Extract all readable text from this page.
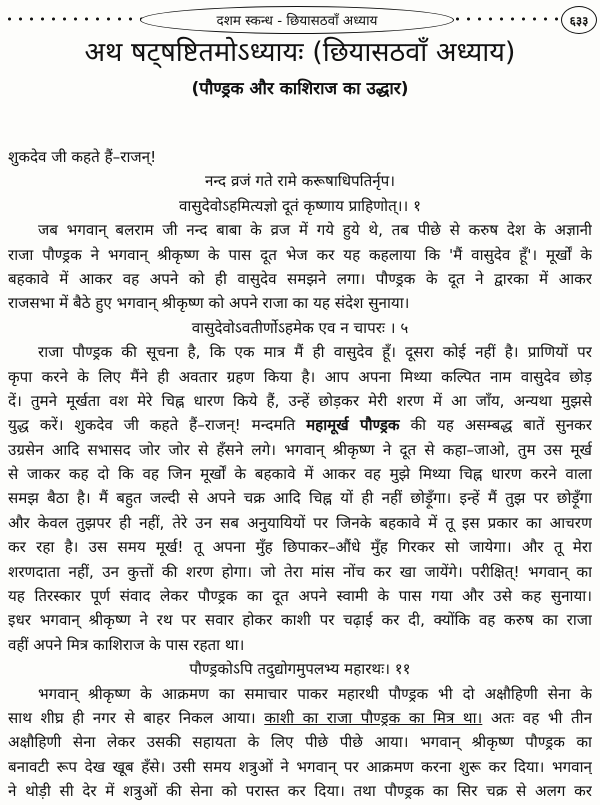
दशम स्कन्ध - छियासठवाँ अध्याय	६३३
अथ षट्षष्टितमोऽध्यायः (छियासठवाँ अध्याय)
(पौण्ड्रक और काशिराज का उद्धार)
शुकदेव जी कहते हैं–राजन्!
नन्द व्रजं गते रामे करूषाधिपतिर्नृप।
वासुदेवोऽहमित्यज्ञो दूतं कृष्णाय प्राहिणोत्।। १
जब भगवान् बलराम जी नन्द बाबा के व्रज में गये हुये थे, तब पीछे से करुष देश के अज्ञानी
राजा पौण्ड्रक ने भगवान् श्रीकृष्ण के पास दूत भेज कर यह कहलाया कि 'मैं वासुदेव हूँ'। मूर्खों के
बहकावे में आकर वह अपने को ही वासुदेव समझने लगा। पौण्ड्रक के दूत ने द्वारका में आकर
राजसभा में बैठे हुए भगवान् श्रीकृष्ण को अपने राजा का यह संदेश सुनाया।
वासुदेवोऽवतीर्णोऽहमेक एव न चापरः । ५
राजा पौण्ड्रक की सूचना है, कि एक मात्र मैं ही वासुदेव हूँ। दूसरा कोई नहीं है। प्राणियों पर
कृपा करने के लिए मैंने ही अवतार ग्रहण किया है। आप अपना मिथ्या कल्पित नाम वासुदेव छोड़
दें। तुमने मूर्खता वश मेरे चिह्न धारण किये हैं, उन्हें छोड़कर मेरी शरण में आ जाँय, अन्यथा मुझसे
युद्ध करें। शुकदेव जी कहते हैं–राजन्! मन्दमति महामूर्ख पौण्ड्रक की यह असम्बद्ध बातें सुनकर
उग्रसेन आदि सभासद जोर जोर से हँसने लगे। भगवान् श्रीकृष्ण ने दूत से कहा–जाओ, तुम उस मूर्ख
से जाकर कह दो कि वह जिन मूर्खों के बहकावे में आकर वह मुझे मिथ्या चिह्न धारण करने वाला
समझ बैठा है। मैं बहुत जल्दी से अपने चक्र आदि चिह्न यों ही नहीं छोड़ूँगा। इन्हें मैं तुझ पर छोड़ूँगा
और केवल तुझपर ही नहीं, तेरे उन सब अनुयायियों पर जिनके बहकावे में तू इस प्रकार का आचरण
कर रहा है। उस समय मूर्ख! तू अपना मुँह छिपाकर–औंधे मुँह गिरकर सो जायेगा। और तू मेरा
शरणदाता नहीं, उन कुत्तों की शरण होगा। जो तेरा मांस नोंच कर खा जायेंगे। परीक्षित्! भगवान् का
यह तिरस्कार पूर्ण संवाद लेकर पौण्ड्रक का दूत अपने स्वामी के पास गया और उसे कह सुनाया।
इधर भगवान् श्रीकृष्ण ने रथ पर सवार होकर काशी पर चढ़ाई कर दी, क्योंकि वह करुष का राजा
वहीं अपने मित्र काशिराज के पास रहता था।
पौण्ड्रकोऽपि तदुद्योगमुपलभ्य महारथः। ११
भगवान् श्रीकृष्ण के आक्रमण का समाचार पाकर महारथी पौण्ड्रक भी दो अक्षौहिणी सेना के
साथ शीघ्र ही नगर से बाहर निकल आया। काशी का राजा पौण्ड्रक का मित्र था। अतः वह भी तीन
अक्षौहिणी सेना लेकर उसकी सहायता के लिए पीछे पीछे आया। भगवान् श्रीकृष्ण पौण्ड्रक का
बनावटी रूप देख खूब हँसे। उसी समय शत्रुओं ने भगवान् पर आक्रमण करना शुरू कर दिया। भगवान्
ने थोड़ी सी देर में शत्रुओं की सेना को परास्त कर दिया। तथा पौण्ड्रक का सिर चक्र से अलग कर
